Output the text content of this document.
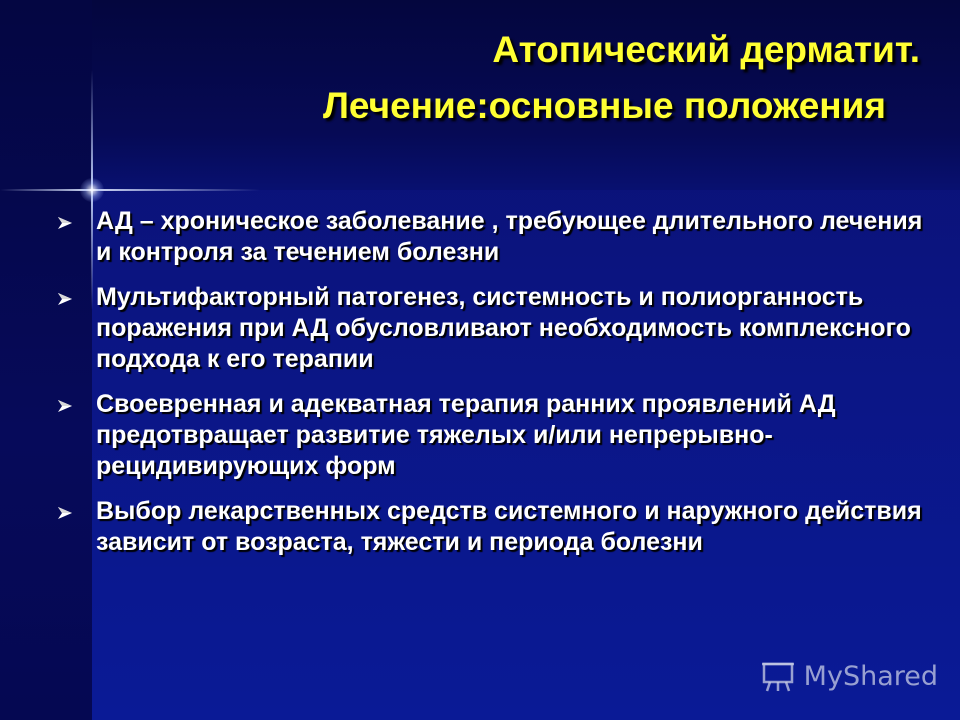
Атопический дерматит.
Лечение:основные положения
АД – хроническое заболевание , требующее длительного лечения и контроля за течением болезни
Мультифакторный патогенез, системность и полиорганность поражения при АД обусловливают необходимость комплексного подхода к его терапии
Своевренная и адекватная терапия ранних проявлений АД предотвращает развитие тяжелых и/или непрерывно-рецидивирующих форм
Выбор лекарственных средств системного и наружного действия зависит от возраста, тяжести и периода болезни
MyShared
